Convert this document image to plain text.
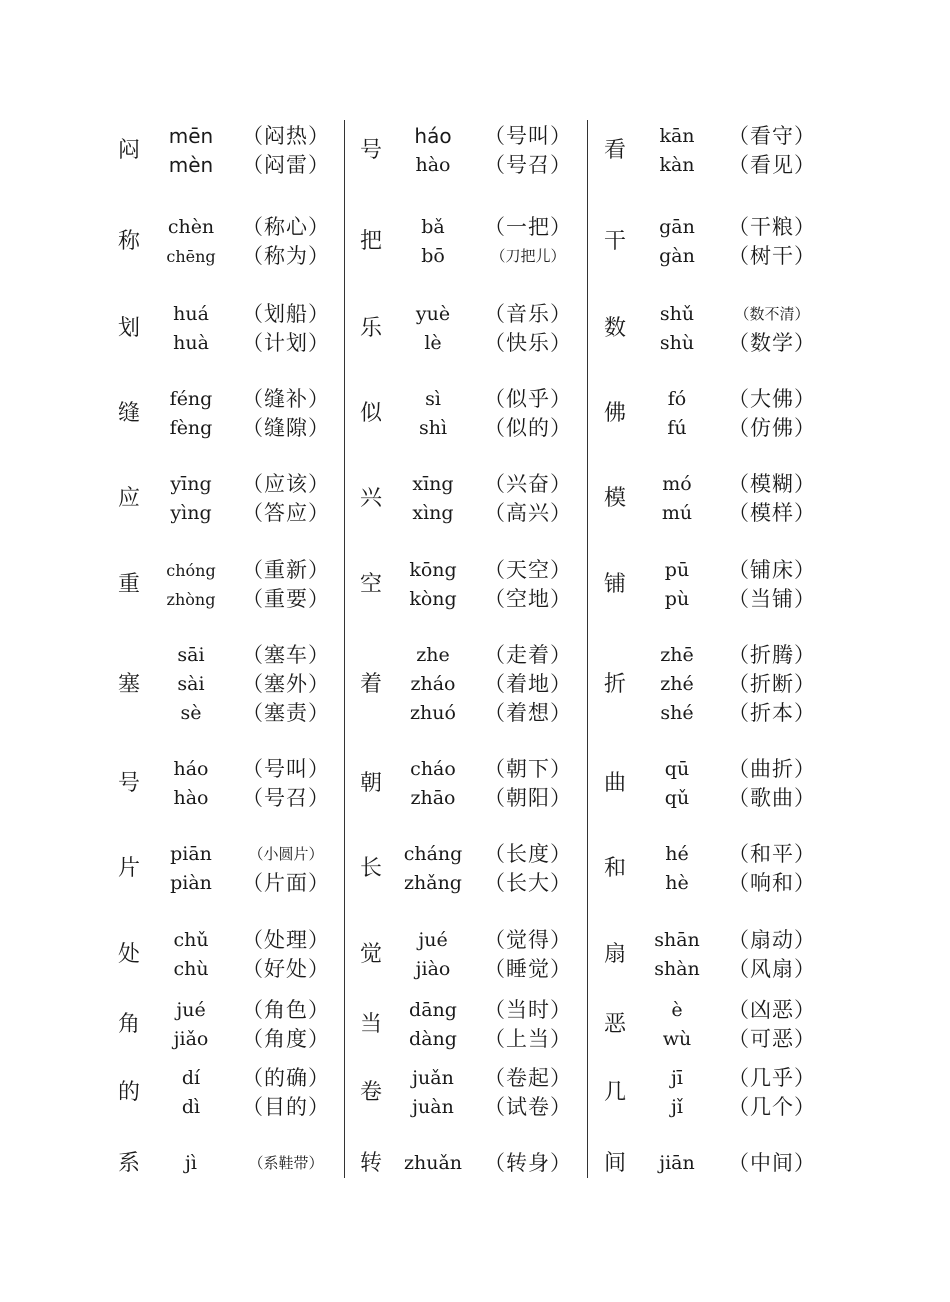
闷
mēn	（闷热）
mèn	（闷雷）
称
chèn	（称心）
chēng	（称为）
划
huá	（划船）
huà	（计划）
缝
féng	（缝补）
fèng	（缝隙）
应
yīng	（应该）
yìng	（答应）
重
chóng	（重新）
zhòng	（重要）
塞
sāi	（塞车）
sài	（塞外）
sè	（塞责）
号
háo	（号叫）
hào	（号召）
片
piān	（小圆片）
piàn	（片面）
处
chǔ	（处理）
chù	（好处）
角
jué	（角色）
jiǎo	（角度）
的
dí	（的确）
dì	（目的）
系	jì	（系鞋带）
号
háo	（号叫）
hào	（号召）
把
bǎ	（一把）
bō	（刀把儿）
乐
yuè	（音乐）
lè	（快乐）
似
sì	（似乎）
shì	（似的）
兴
xīng	（兴奋）
xìng	（高兴）
空
kōng	（天空）
kòng	（空地）
着
zhe	（走着）
zháo	（着地）
zhuó	（着想）
朝
cháo	（朝下）
zhāo	（朝阳）
长
cháng （长度）
zhǎng （长大）
觉
jué	（觉得）
jiào	（睡觉）
当
dāng	（当时）
dàng	（上当）
卷
juǎn	（卷起）
juàn	（试卷）
转	zhuǎn （转身）
看
kān	（看守）
kàn	（看见）
干
gān	（干粮）
gàn	（树干）
数
shǔ	（数不清）
shù	（数学）
佛
fó	（大佛）
fú	（仿佛）
模
mó	（模糊）
mú	（模样）
铺
pū	（铺床）
pù	（当铺）
折
zhē	（折腾）
zhé	（折断）
shé	（折本）
曲
qū	（曲折）
qǔ	（歌曲）
和
hé	（和平）
hè	（响和）
扇
shān	（扇动）
shàn	（风扇）
恶
è	（凶恶）
wù	（可恶）
几
jī	（几乎）
jǐ	（几个）
间	jiān	（中间）
